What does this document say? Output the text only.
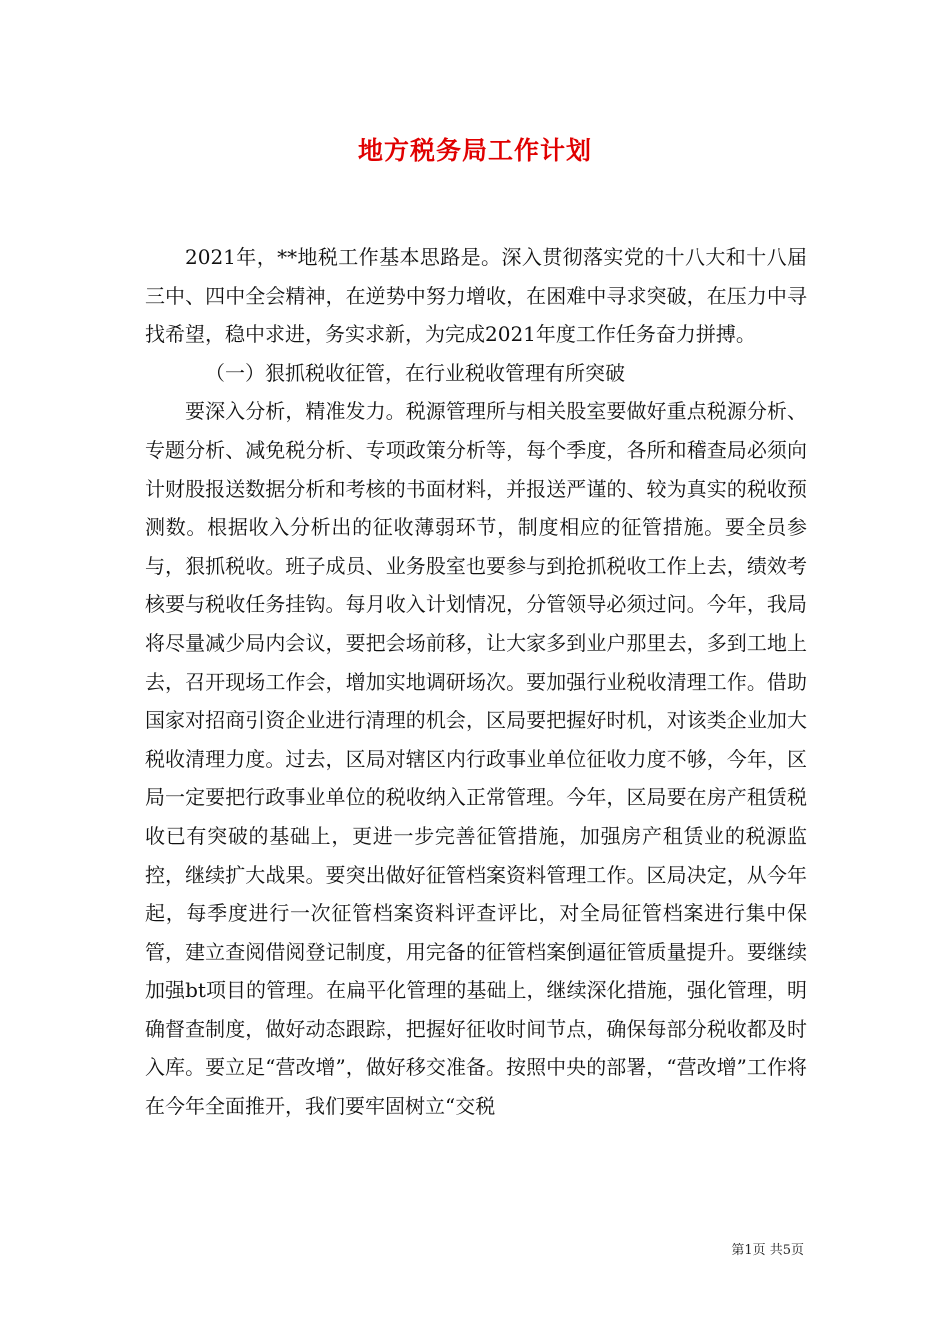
地方税务局工作计划

2021年，**地税工作基本思路是。深入贯彻落实党的十八大和十八届三中、四中全会精神，在逆势中努力增收，在困难中寻求突破，在压力中寻找希望，稳中求进，务实求新，为完成2021年度工作任务奋力拼搏。

（一）狠抓税收征管，在行业税收管理有所突破

要深入分析，精准发力。税源管理所与相关股室要做好重点税源分析、专题分析、减免税分析、专项政策分析等，每个季度，各所和稽查局必须向计财股报送数据分析和考核的书面材料，并报送严谨的、较为真实的税收预测数。根据收入分析出的征收薄弱环节，制度相应的征管措施。要全员参与，狠抓税收。班子成员、业务股室也要参与到抢抓税收工作上去，绩效考核要与税收任务挂钩。每月收入计划情况，分管领导必须过问。今年，我局将尽量减少局内会议，要把会场前移，让大家多到业户那里去，多到工地上去，召开现场工作会，增加实地调研场次。要加强行业税收清理工作。借助国家对招商引资企业进行清理的机会，区局要把握好时机，对该类企业加大税收清理力度。过去，区局对辖区内行政事业单位征收力度不够，今年，区局一定要把行政事业单位的税收纳入正常管理。今年，区局要在房产租赁税收已有突破的基础上，更进一步完善征管措施，加强房产租赁业的税源监控，继续扩大战果。要突出做好征管档案资料管理工作。区局决定，从今年起，每季度进行一次征管档案资料评查评比，对全局征管档案进行集中保管，建立查阅借阅登记制度，用完备的征管档案倒逼征管质量提升。要继续加强bt项目的管理。在扁平化管理的基础上，继续深化措施，强化管理，明确督查制度，做好动态跟踪，把握好征收时间节点，确保每部分税收都及时入库。要立足“营改增”，做好移交准备。按照中央的部署，“营改增”工作将在今年全面推开，我们要牢固树立“交税

第1页 共5页
